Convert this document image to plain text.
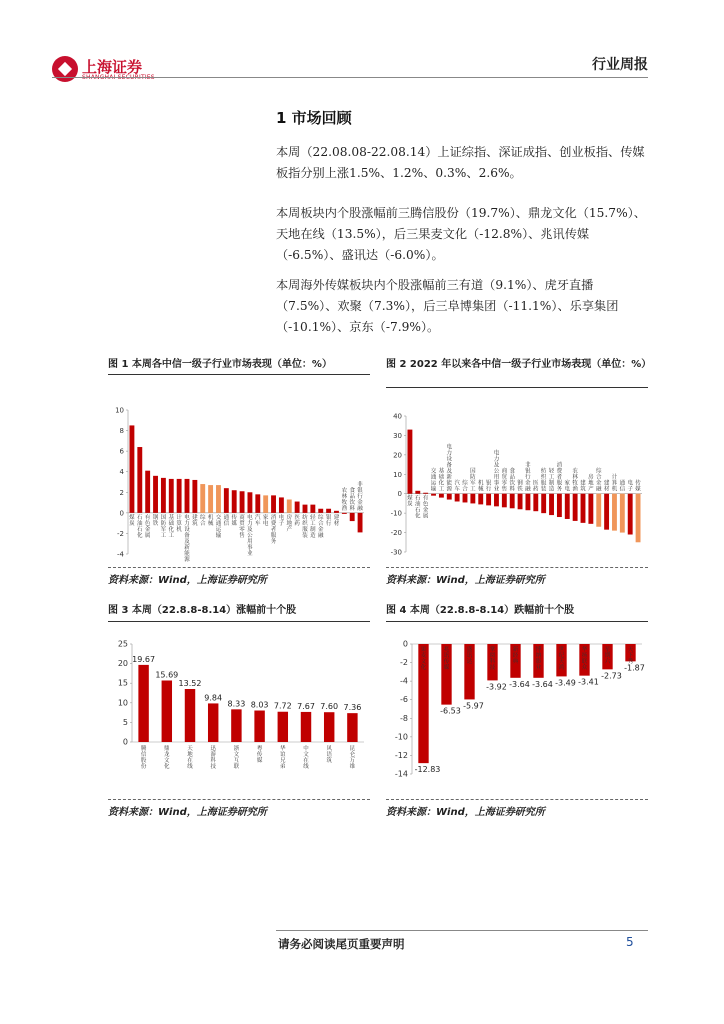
上海证券
SHANGHAI SECURITIES
行业周报
1 市场回顾

本周（22.08.08-22.08.14）上证综指、深证成指、创业板指、传媒板指分别上涨1.5%、1.2%、0.3%、2.6%。

本周板块内个股涨幅前三腾信股份（19.7%）、鼎龙文化（15.7%）、天地在线（13.5%），后三果麦文化（-12.8%）、兆讯传媒（-6.5%）、盛讯达（-6.0%）。

本周海外传媒板块内个股涨幅前三有道（9.1%）、虎牙直播（7.5%）、欢聚（7.3%），后三阜博集团（-11.1%）、乐享集团（-10.1%）、京东（-7.9%）。

图 1 本周各中信一级子行业市场表现（单位：%）
-4
-2
0
2
4
6
8
10
煤炭
石油石化
有色金属
钢铁
国防军工
基础化工
计算机
电力设备及新能源
建筑
综合
机械
交通运输
通信
传媒
商贸零售
电力及公用事业
汽车
家电
消费者服务
电子
房地产
医药
纺织服装
轻工制造
综合金融
银行
建材
农林牧渔
食品饮料
非银行金融
资料来源：Wind，上海证券研究所
图 2 2022 年以来各中信一级子行业市场表现（单位：%）
-30
-20
-10
0
10
20
30
40
煤炭
石油石化
有色金属
交通运输
基础化工
电力设备及新能源
汽车
综合
国防军工
机械
银行
电力及公用事业
商贸零售
食品饮料
钢铁
非银行金融
医药
纺织服装
轻工制造
消费者服务
家电
农林牧渔
建筑
房地产
综合金融
建材
计算机
通信
电子
传媒
资料来源：Wind，上海证券研究所
图 3 本周（22.8.8-8.14）涨幅前十个股
0
5
10
15
20
25
19.67
腾信股份
15.69
鼎龙文化
13.52
天地在线
9.84
迅游科技
8.33
浙文互联
8.03
粤传媒
7.72
华谊兄弟
7.67
中文在线
7.60
风语筑
7.36
昆仑万维
资料来源：Wind，上海证券研究所
图 4 本周（22.8.8-8.14）跌幅前十个股
-14
-12
-10
-8
-6
-4
-2
0
-12.83
果麦文化
-6.53
兆讯传媒
-5.97
盛讯达
-3.92
掌阅科技
-3.64
新经典
-3.64
博纳影业
-3.49
世纪天鸿
-3.41
华扬联众
-2.73
星期六
-1.87
天下秀
资料来源：Wind，上海证券研究所
请务必阅读尾页重要声明	5
